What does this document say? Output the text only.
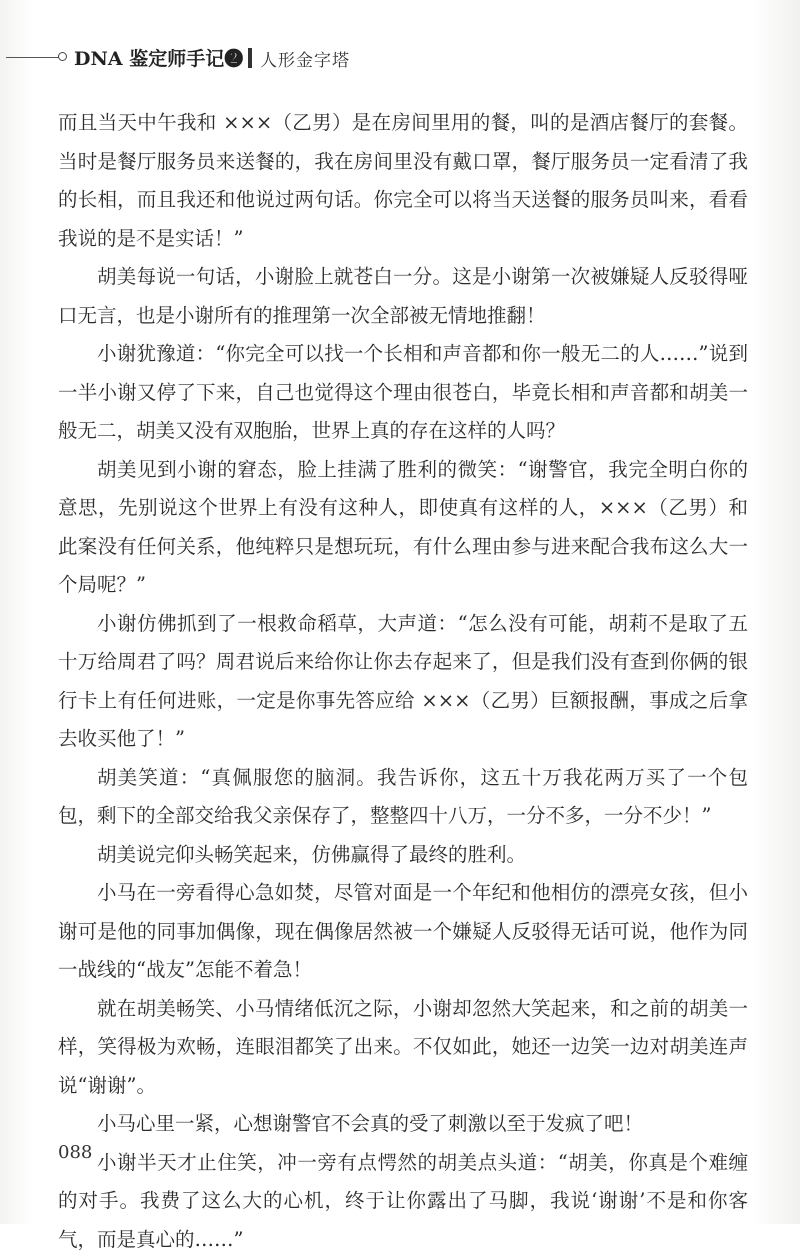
DNA 鉴定师手记❷ 人形金字塔

而且当天中午我和 ×××（乙男）是在房间里用的餐，叫的是酒店餐厅的套餐。当时是餐厅服务员来送餐的，我在房间里没有戴口罩，餐厅服务员一定看清了我的长相，而且我还和他说过两句话。你完全可以将当天送餐的服务员叫来，看看我说的是不是实话！”

胡美每说一句话，小谢脸上就苍白一分。这是小谢第一次被嫌疑人反驳得哑口无言，也是小谢所有的推理第一次全部被无情地推翻！

小谢犹豫道：“你完全可以找一个长相和声音都和你一般无二的人……”说到一半小谢又停了下来，自己也觉得这个理由很苍白，毕竟长相和声音都和胡美一般无二，胡美又没有双胞胎，世界上真的存在这样的人吗？

胡美见到小谢的窘态，脸上挂满了胜利的微笑：“谢警官，我完全明白你的意思，先别说这个世界上有没有这种人，即使真有这样的人，×××（乙男）和此案没有任何关系，他纯粹只是想玩玩，有什么理由参与进来配合我布这么大一个局呢？”

小谢仿佛抓到了一根救命稻草，大声道：“怎么没有可能，胡莉不是取了五十万给周君了吗？周君说后来给你让你去存起来了，但是我们没有查到你俩的银行卡上有任何进账，一定是你事先答应给 ×××（乙男）巨额报酬，事成之后拿去收买他了！”

胡美笑道：“真佩服您的脑洞。我告诉你，这五十万我花两万买了一个包包，剩下的全部交给我父亲保存了，整整四十八万，一分不多，一分不少！”

胡美说完仰头畅笑起来，仿佛赢得了最终的胜利。

小马在一旁看得心急如焚，尽管对面是一个年纪和他相仿的漂亮女孩，但小谢可是他的同事加偶像，现在偶像居然被一个嫌疑人反驳得无话可说，他作为同一战线的“战友”怎能不着急！

就在胡美畅笑、小马情绪低沉之际，小谢却忽然大笑起来，和之前的胡美一样，笑得极为欢畅，连眼泪都笑了出来。不仅如此，她还一边笑一边对胡美连声说“谢谢”。

小马心里一紧，心想谢警官不会真的受了刺激以至于发疯了吧！

小谢半天才止住笑，冲一旁有点愕然的胡美点头道：“胡美，你真是个难缠的对手。我费了这么大的心机，终于让你露出了马脚，我说‘谢谢’不是和你客气，而是真心的……”

088
